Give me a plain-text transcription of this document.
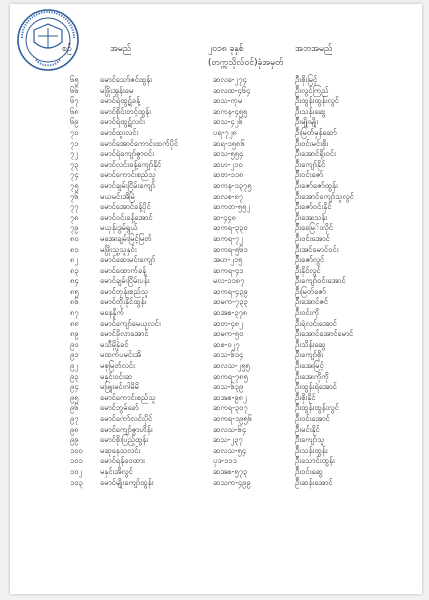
စဉ်	အမည်	၂၀၁၈ ခုနှစ်
(တက္ကသိုလ်ဝင်)ခုံအမှတ်
အဘအမည်
၆၅	မောင်သော်ဇင်ထွန်း	ဆလခ-၂၇၄	ဦးစိုးမြင့်
၆၆	မဖြိုးအွန်းမေ	ဆလထ-၄၆၄	ဦးလွင်ကြည်
၆၇	မောင်ရဲထွဋ်ခန့်	ဆသ-ကုမ	ဦးထွန်းထွန်းလွင်
၆၈	မောင်စိုင်းတင့်ထွန်း	ဆကန-၄၅၅	ဦးသန်းဆွေ
၆၉	မောင်ရဲထွဋ်လင်း	ဆသ-၄၂၆	ဦးမျိုးမျိုး
၇၀	မောင်ထူးလင်း	ပရ-၇၂၈	ဦးမြတ်မှန်ဆော်
၇၁	မောင်အောင်ကောင်းထက်ပိုင်	ဆရ-၁၅၈၆	ဦးဝင်းမင်းစိုး
၇၂	မောင်ရဲကျော်ဇွာဝင်း	ဆသ-၅၅၄	ဦးအောင်ရိုးဝင်း
၇၃	မောင်လင်းခန့်ကျော်နိုင်	ဆဟ-၂၁၀	ဦးကျော်နိုင်
၇၄	မောင်ကောင်းစည်သူ	ဆတ-၁၁၈	ဦးဝင်းဇော်
၇၅	မောင်ချမ်းငြိမ်းကျော်	ဆကန-၁၃၇၅	ဦးဇော်ဇော်ထွန်း
၇၆	မယမင်းအိမြဲ	ဆလစ-၈၇	ဦးအောင်ကျော်သူလွင်
၇၇	မောင်အောင်ခန့်ပိုင်	ဆကတ-၅၅၂	ဦးဇော်ဝင်းနိုင်
၇၈	မောင်ဝင်းခန့်အောင်	ဆ-၄၄၈	ဦးအေးသန်း
၇၉	မယုန်းဒွမ်ရွယ်	ဆကရ-၃၃၀	ဦးခေမြ်းလိုင်
၈၀	မအေးချမ်းမြင့်မြတ်	ဆကရ-၇၂	ဦးဝင်းအောင်
၈၁	မဖြိုးသူ့သူနှင်း	ဆကရ-၅၆၁	ဦးအင်မောင်ဝင်း
၈၂	မောင်ဆေးမင်းကျော်	အဟ-၂၁၅	ဦးဇော်လွင်
၈၃	မောင်ထောက်ခန့်	ဆကရ-၄၁	ဦးနိုင်လွင်
၈၄	မောင်ချမ်းငြိမ်းပန်း	မလ-၁၁၈၇	ဦးကျော်ဝင်းအောင်
၈၅	မောင်တုန်းစည်သူ	ဆကရ-၄၃၉	ဦးမြတ်ဇော်
၈၆	မောင်တိုးနိုင်ထွန်း	ဆမက-၇၃၃	ဦးအောင်ဇင်
၈၇	မနေနှိုက်	ဆအစ-၃၇၈	ဦးဝင်းကို
၈၈	မောင်ကျော်မေယုလင်း	ဆတ-၄၈၂	ဦးရဲလင်းအောင်
၈၉	မောင်ခိုလာအောင်	ဆမက-၅၀	ဦးအောင်အောင်မောင်
၉၀	မသီမို့နှဲခင်	ဆစ-၀၂၇	ဦးသိန်းဆွေ
၉၁	မထက်ပမင်းအိ	ဆသ-၆၁၄	ဦးကျော်စိုး
၉၂	မစုမြတ်လင်း	ဆလသ-၂၅၅	ဦးအေးမြင့်
၉၃	မနှင်းဝင်းဆ	ဆကရ-၇၈၅	ဦးအေးကိုကို
၉၄	မဖြူးမင်းဂါမိမိ	ဆသ-၆၃၉	ဦးထွန်းရဲအောင်
၉၅	မောင်ကောင်းစည်သူ	ဆအစ-၉၈၂	ဦးစိုးနိုင်
၉၆	မောင်ဘွမ်ခော်	ဆကရ-၃၀၇	ဦးထွန်းထွန်းလွင်
၉၇	မောင်ကော်လင်းပိုင်	ဆကရ-၁၉၅၆	ဦးဝင်းအောင်
၉၈	မောင်ကျော်ဇွာဟိန်း	ဆလသ-၆၄	ဦးမင်းနိုင်
၉၉	မောင်စိုးပြည့်ထွန်း	ဆသ-၂၃၇	ဦးကျော်သူ
၁၀၀ မဆုနေသလင်း	ဆလသ-၅၄	ဦးသန်းထွန်း
၁၀၁ မောင်ရန်ဝေထား	ပုဒ-၁၁၁	ဦးသောင်းထွန်း
၁၀၂ မနှင်းအိလွင်	ဆအစ-၅၇၃	ဦးဝင်းဆွေ
၁၀၃ မောင်မျိုးကျော်ထွန်း	ဆသက-၄၉၉	ဦးဆန်းအောင်
